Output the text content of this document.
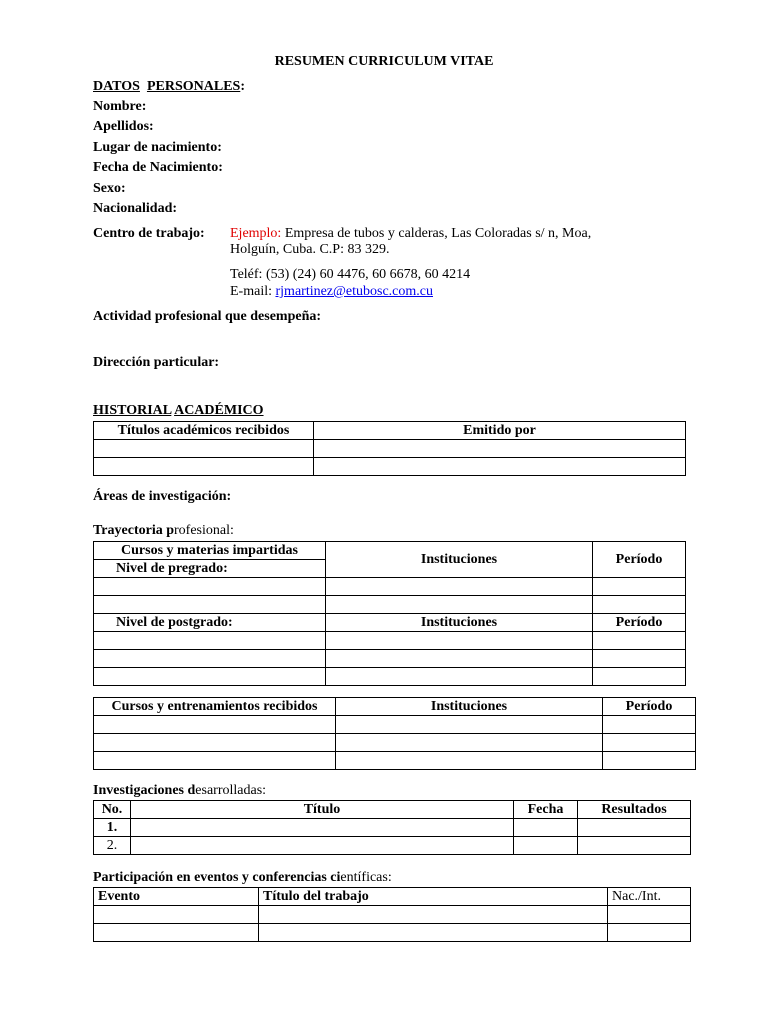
RESUMEN CURRICULUM VITAE
DATOS PERSONALES:
Nombre:
Apellidos:
Lugar de nacimiento:
Fecha de Nacimiento:
Sexo:
Nacionalidad:
Centro de trabajo: Ejemplo: Empresa de tubos y calderas, Las Coloradas s/ n, Moa,
Holguín, Cuba. C.P: 83 329.
Teléf: (53) (24) 60 4476, 60 6678, 60 4214
E-mail: rjmartinez@etubosc.com.cu
Actividad profesional que desempeña:
Dirección particular:
HISTORIAL ACADÉMICO
Títulos académicos recibidos	Emitido por

Áreas de investigación:
Trayectoria profesional:
Cursos y materias impartidas	Instituciones	Período
Nivel de pregrado:		

Nivel de postgrado:	Instituciones	Período

Cursos y entrenamientos recibidos	Instituciones	Período

Investigaciones desarrolladas:
No.	Título	Fecha	Resultados
1.			
2.			
Participación en eventos y conferencias científicas:
Evento	Título del trabajo	Nac./Int.
